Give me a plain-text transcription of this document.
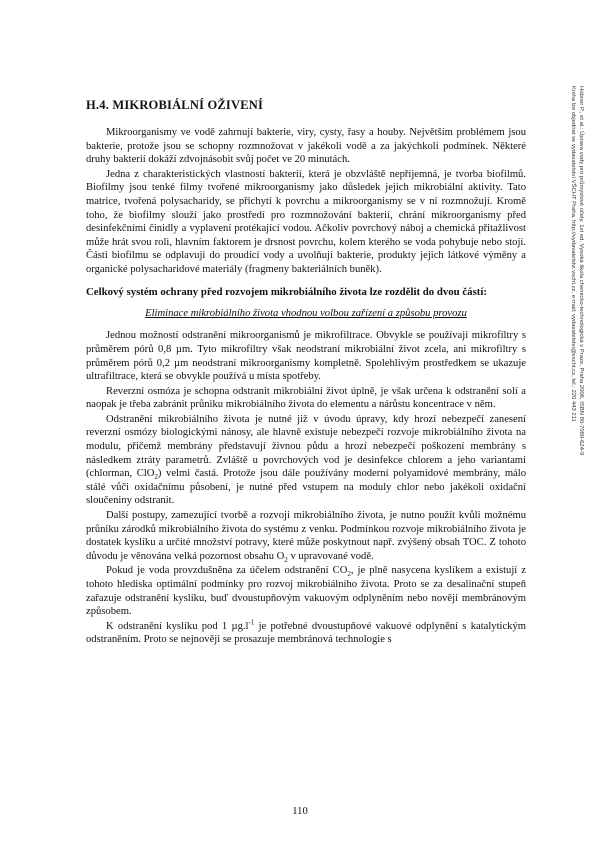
Hübner P., et al.: Úprava vody pro průmyslové účely. 1st ed. Vysoká škola chemicko-technologická v Praze, Praha 2006, ISBN 80-7080-624-9
Kniha lze objednat ve vydavatelství VŠCHT Praha, http://vydavatelstvi.vscht.cz, e-mail: vydavatelstvi@vscht.cz, tel.: 220 443 211
H.4. MIKROBIÁLNÍ OŽIVENÍ

Mikroorganismy ve vodě zahrnují bakterie, viry, cysty, řasy a houby. Největším problémem jsou bakterie, protože jsou se schopny rozmnožovat v jakékoli vodě a za jakýchkoli podmínek. Některé druhy bakterií dokáží zdvojnásobit svůj počet ve 20 minutách.

Jedna z charakteristických vlastností bakterií, která je obzvláště nepříjemná, je tvorba biofilmů. Biofilmy jsou tenké filmy tvořené mikroorganismy jako důsledek jejich mikrobiální aktivity. Tato matrice, tvořená polysacharidy, se přichytí k povrchu a mikroorganismy se v ní rozmnožují. Kromě toho, že biofilmy slouží jako prostředí pro rozmnožování bakterií, chrání mikroorganismy před desinfekčními činidly a vyplavení protékající vodou. Ačkoliv povrchový náboj a chemická přitažlivost může hrát svou roli, hlavním faktorem je drsnost povrchu, kolem kterého se voda pohybuje nebo stojí. Části biofilmu se odplavují do proudící vody a uvolňují bakterie, produkty jejich látkové výměny a organické polysacharidové materiály (fragmeny bakteriálních buněk).

Celkový systém ochrany před rozvojem mikrobiálního života lze rozdělit do dvou částí:
Eliminace mikrobiálního života vhodnou volbou zařízení a způsobu provozu

Jednou možností odstranění mikroorganismů je mikrofiltrace. Obvykle se používají mikrofiltry s průměrem pórů 0,8 µm. Tyto mikrofiltry však neodstraní mikrobiální život zcela, ani mikrofiltry s průměrem pórů 0,2 µm neodstraní mikroorganismy kompletně. Spolehlivým prostředkem se ukazuje ultrafiltrace, která se obvykle používá u místa spotřeby.

Reverzní osmóza je schopna odstranit mikrobiální život úplně, je však určena k odstranění solí a naopak je třeba zabránit průniku mikrobiálního života do elementu a nárůstu koncentrace v něm.

Odstranění mikrobiálního života je nutné již v úvodu úpravy, kdy hrozí nebezpečí zanesení reverzní osmózy biologickými nánosy, ale hlavně existuje nebezpečí rozvoje mikrobiálního života na modulu, přičemž membrány představují živnou půdu a hrozí nebezpečí poškození membrány s následkem ztráty parametrů. Zvláště u povrchových vod je desinfekce chlorem a jeho variantami (chlorman, ClO$_2$) velmi častá. Protože jsou dále používány moderní polyamidové membrány, málo stálé vůči oxidačnímu působení, je nutné před vstupem na moduly chlor nebo jakékoli oxidační sloučeniny odstranit.

Další postupy, zamezující tvorbě a rozvoji mikrobiálního života, je nutno použít kvůli možnému průniku zárodků mikrobiálního života do systému z venku. Podmínkou rozvoje mikrobiálního života je dostatek kyslíku a určité množství potravy, které může poskytnout např. zvýšený obsah TOC. Z tohoto důvodu je věnována velká pozornost obsahu $O_2$ v upravované vodě.

Pokud je voda provzdušněna za účelem odstranění $CO_2$, je plně nasycena kyslíkem a existují z tohoto hlediska optimální podmínky pro rozvoj mikrobiálního života. Proto se za desalinační stupeň zařazuje odstranění kyslíku, buď dvoustupňovým vakuovým odplyněním nebo nověji membránovým způsobem.

K odstranění kyslíku pod 1 $\mu g.l^{-1}$ je potřebné dvoustupňové vakuové odplynění s katalytickým odstraněním. Proto se nejnověji se prosazuje membránová technologie s

110
